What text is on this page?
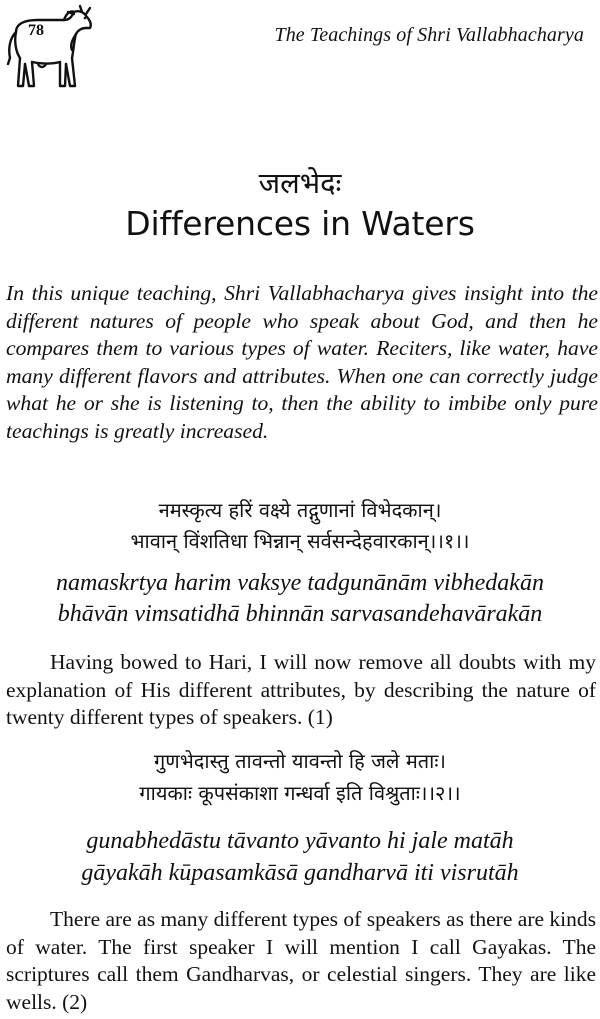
78	The Teachings of Shri Vallabhacharya
जलभेदः
Differences in Waters

In this unique teaching, Shri Vallabhacharya gives insight into the different natures of people who speak about God, and then he compares them to various types of water. Reciters, like water, have many different flavors and attributes. When one can correctly judge what he or she is listening to, then the ability to imbibe only pure teachings is greatly increased.

नमस्कृत्य हरिं वक्ष्ये तद्गुणानां विभेदकान्।
भावान् विंशतिधा भिन्नान् सर्वसन्देहवारकान्।।१।।
namaskrtya harim vaksye tadgunānām vibhedakān
bhāvān vimsatidhā bhinnān sarvasandehavārakān

Having bowed to Hari, I will now remove all doubts with my explanation of His different attributes, by describing the nature of twenty different types of speakers. (1)

गुणभेदास्तु तावन्तो यावन्तो हि जले मताः।
गायकाः कूपसंकाशा गन्धर्वा इति विश्रुताः।।२।।
gunabhedāstu tāvanto yāvanto hi jale matāh
gāyakāh kūpasamkāsā gandharvā iti visrutāh

There are as many different types of speakers as there are kinds of water. The first speaker I will mention I call Gayakas. The scriptures call them Gandharvas, or celestial singers. They are like wells. (2)
